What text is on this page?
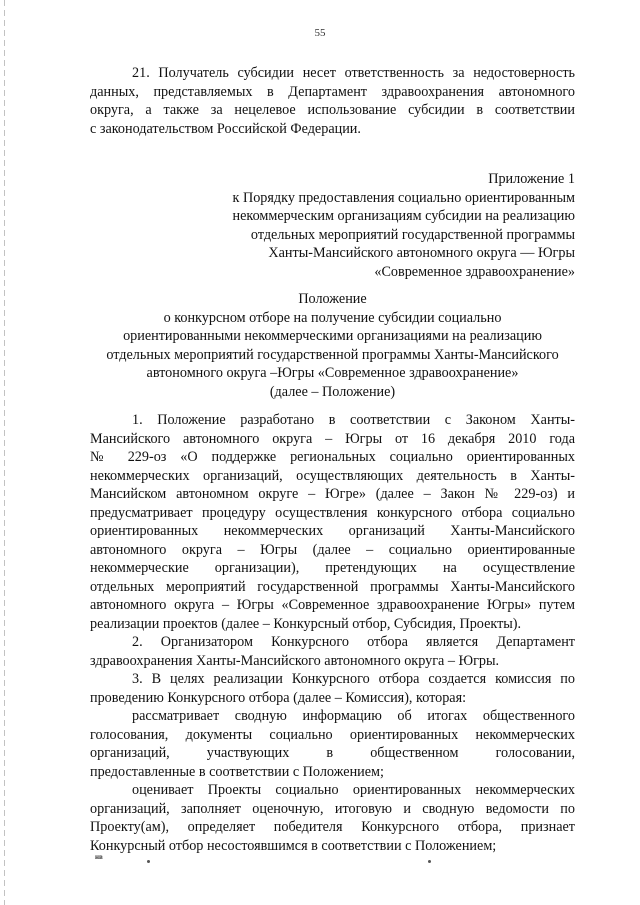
55
21. Получатель субсидии несет ответственность за недостоверность
данных, представляемых в Департамент здравоохранения автономного
округа, а также за нецелевое использование субсидии в соответствии
с законодательством Российской Федерации.
Приложение 1
к Порядку предоставления социально ориентированным
некоммерческим организациям субсидии на реализацию
отдельных мероприятий государственной программы
Ханты-Мансийского автономного округа — Югры
«Современное здравоохранение»
Положение
о конкурсном отборе на получение субсидии социально
ориентированными некоммерческими организациями на реализацию
отдельных мероприятий государственной программы Ханты-Мансийского
автономного округа –Югры «Современное здравоохранение»
(далее – Положение)
1. Положение разработано в соответствии с Законом Ханты-
Мансийского автономного округа – Югры от 16 декабря 2010 года
№ 229-оз «О поддержке региональных социально ориентированных
некоммерческих организаций, осуществляющих деятельность в Ханты-
Мансийском автономном округе – Югре» (далее – Закон № 229-оз) и
предусматривает процедуру осуществления конкурсного отбора социально
ориентированных некоммерческих организаций Ханты-Мансийского
автономного округа – Югры (далее – социально ориентированные
некоммерческие организации), претендующих на осуществление
отдельных мероприятий государственной программы Ханты-Мансийского
автономного округа – Югры «Современное здравоохранение Югры» путем
реализации проектов (далее – Конкурсный отбор, Субсидия, Проекты).
2. Организатором Конкурсного отбора является Департамент
здравоохранения Ханты-Мансийского автономного округа – Югры.
3. В целях реализации Конкурсного отбора создается комиссия по
проведению Конкурсного отбора (далее – Комиссия), которая:
рассматривает сводную информацию об итогах общественного
голосования, документы социально ориентированных некоммерческих
организаций, участвующих в общественном голосовании,
предоставленные в соответствии с Положением;
оценивает Проекты социально ориентированных некоммерческих
организаций, заполняет оценочную, итоговую и сводную ведомости по
Проекту(ам), определяет победителя Конкурсного отбора, признает
Конкурсный отбор несостоявшимся в соответствии с Положением;
нв
